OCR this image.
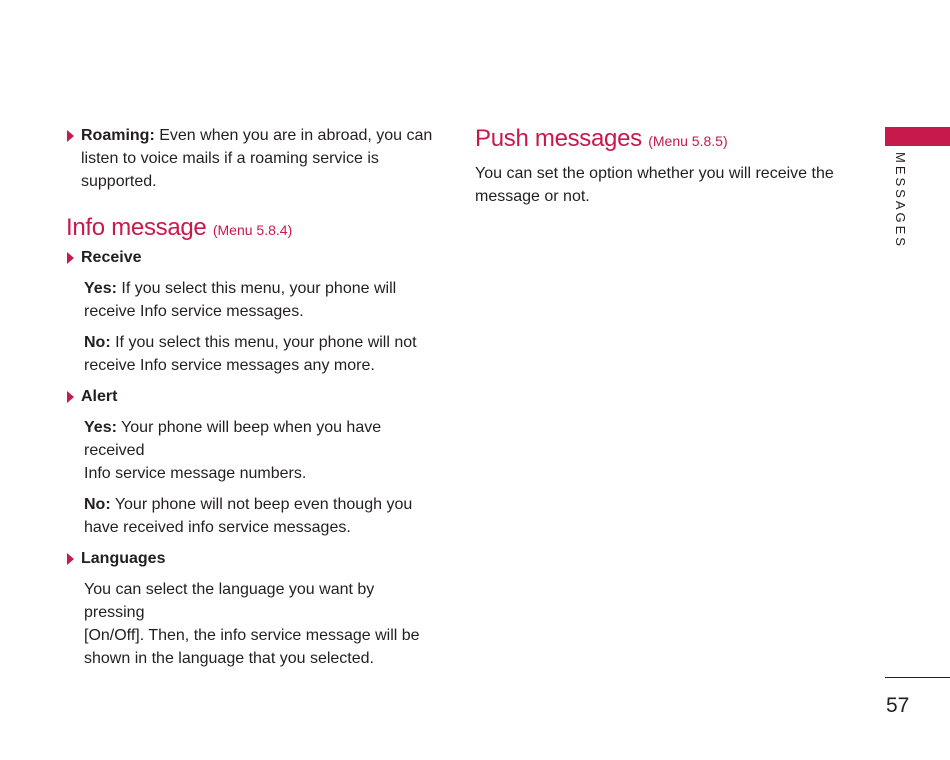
Roaming: Even when you are in abroad, you can
listen to voice mails if a roaming service is
supported.

Info message (Menu 5.8.4)

Receive

Yes: If you select this menu, your phone will
receive Info service messages.

No: If you select this menu, your phone will not
receive Info service messages any more.

Alert

Yes: Your phone will beep when you have received
Info service message numbers.

No: Your phone will not beep even though you
have received info service messages.

Languages

You can select the language you want by pressing
[On/Off]. Then, the info service message will be
shown in the language that you selected.

Push messages (Menu 5.8.5)

You can set the option whether you will receive the
message or not.	MESSAGES
57
